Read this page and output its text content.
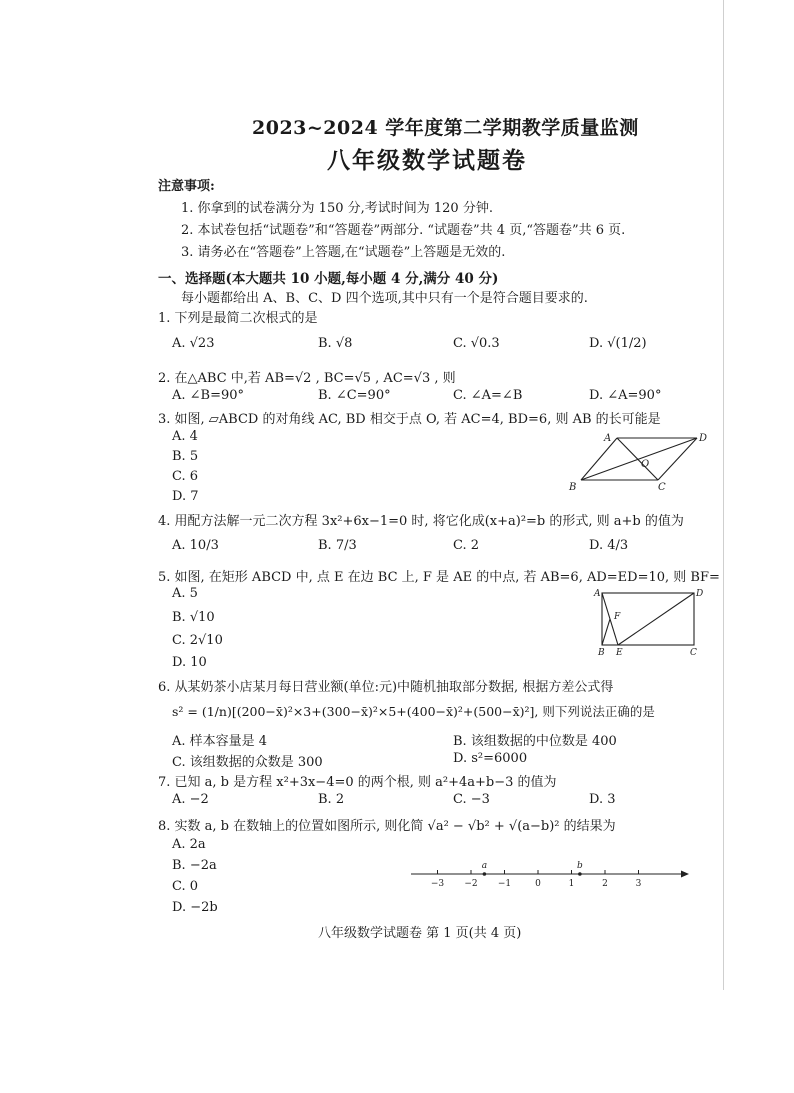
2023~2024 学年度第二学期教学质量监测
八年级数学试题卷
注意事项:
1. 你拿到的试卷满分为 150 分,考试时间为 120 分钟.
2. 本试卷包括“试题卷”和“答题卷”两部分. “试题卷”共 4 页,“答题卷”共 6 页.
3. 请务必在“答题卷”上答题,在“试题卷”上答题是无效的.
一、选择题(本大题共 10 小题,每小题 4 分,满分 40 分)
每小题都给出 A、B、C、D 四个选项,其中只有一个是符合题目要求的.
1. 下列是最简二次根式的是
A. √23	B. √8	C. √0.3	D. √(1/2)
2. 在△ABC 中,若 AB=√2 , BC=√5 , AC=√3 , 则
A. ∠B=90°	B. ∠C=90°	C. ∠A=∠B	D. ∠A=90°
3. 如图, ▱ABCD 的对角线 AC, BD 相交于点 O, 若 AC=4, BD=6, 则 AB 的长可能是
A. 4
B. 5
C. 6
D. 7
A	D
O
B	C
4. 用配方法解一元二次方程 3x²+6x−1=0 时, 将它化成(x+a)²=b 的形式, 则 a+b 的值为
A. 10/3	B. 7/3	C. 2	D. 4/3
5. 如图, 在矩形 ABCD 中, 点 E 在边 BC 上, F 是 AE 的中点, 若 AB=6, AD=ED=10, 则 BF=
A. 5
B. √10
C. 2√10
D. 10
A	D
F
B E	C
6. 从某奶茶小店某月每日营业额(单位:元)中随机抽取部分数据, 根据方差公式得
s² = (1/n)[(200−x̄)²×3+(300−x̄)²×5+(400−x̄)²+(500−x̄)²], 则下列说法正确的是
A. 样本容量是 4	B. 该组数据的中位数是 400
C. 该组数据的众数是 300	D. s²=6000
7. 已知 a, b 是方程 x²+3x−4=0 的两个根, 则 a²+4a+b−3 的值为
A. −2	B. 2	C. −3	D. 3
8. 实数 a, b 在数轴上的位置如图所示, 则化简 √a² − √b² + √(a−b)² 的结果为
A. 2a
B. −2a
C. 0
D. −2b
−3 −2 −1	0	1	2	3
a	b
八年级数学试题卷 第 1 页(共 4 页)
